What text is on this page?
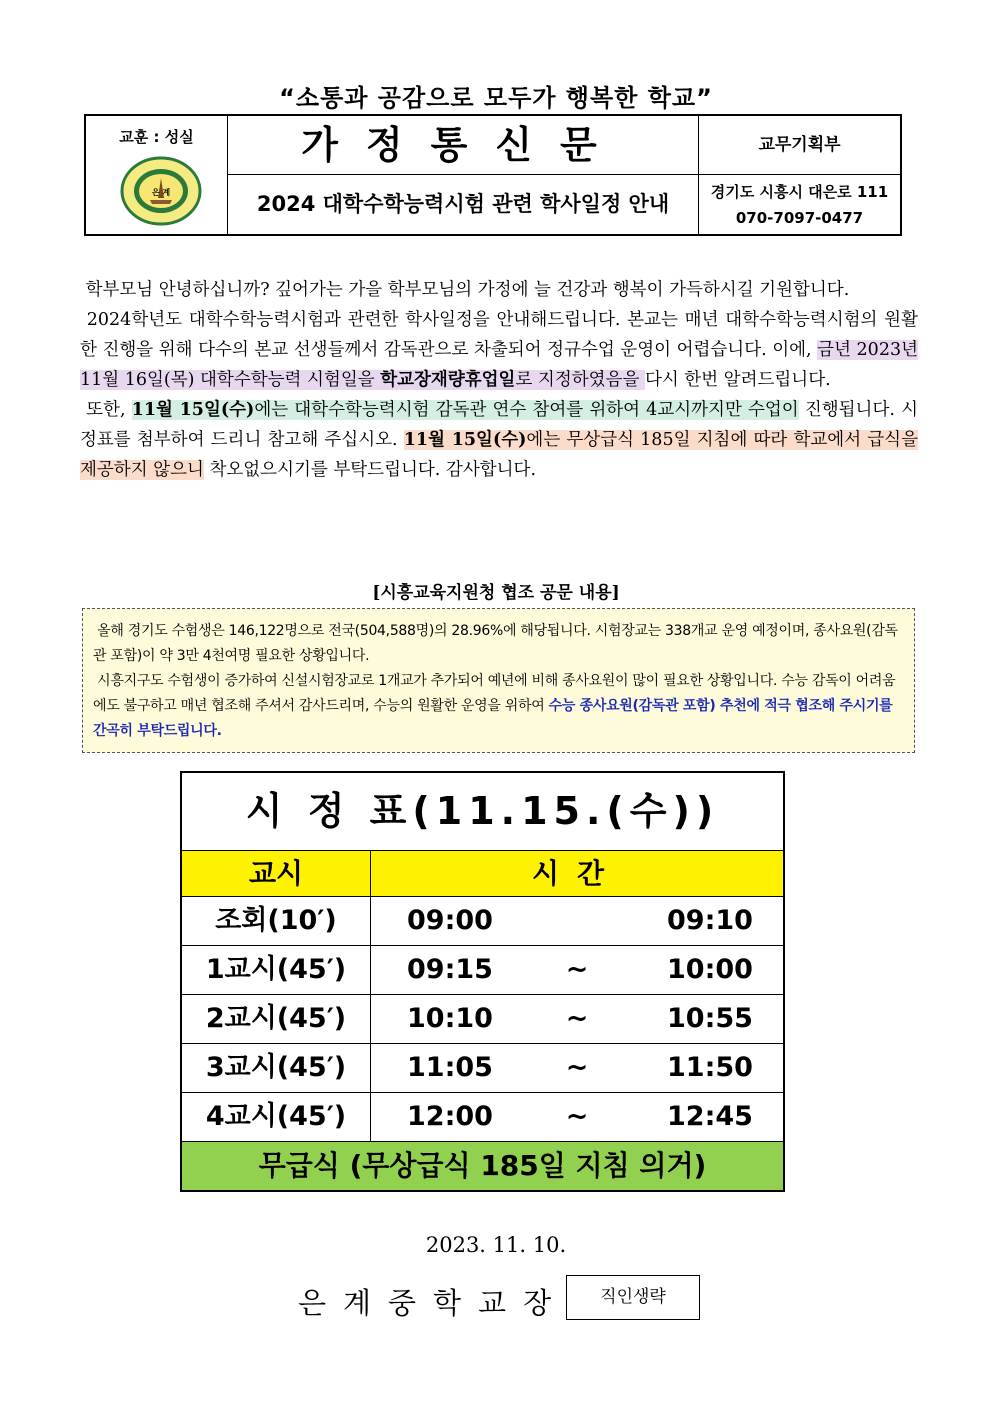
“소통과 공감으로 모두가 행복한 학교”
교훈 : 성실
은 계
가정통신문
2024 대학수학능력시험 관련 학사일정 안내
교무기획부
경기도 시흥시 대은로 111
070-7097-0477

학부모님 안녕하십니까? 깊어가는 가을 학부모님의 가정에 늘 건강과 행복이 가득하시길 기원합니다.

2024학년도 대학수학능력시험과 관련한 학사일정을 안내해드립니다. 본교는 매년 대학수학능력시험의 원활한 진행을 위해 다수의 본교 선생들께서 감독관으로 차출되어 정규수업 운영이 어렵습니다. 이에, 금년 2023년 11월 16일(목) 대학수학능력 시험일을 학교장재량휴업일로 지정하였음을 다시 한번 알려드립니다.

또한, 11월 15일(수)에는 대학수학능력시험 감독관 연수 참여를 위하여 4교시까지만 수업이 진행됩니다. 시정표를 첨부하여 드리니 참고해 주십시오. 11월 15일(수)에는 무상급식 185일 지침에 따라 학교에서 급식을 제공하지 않으니 착오없으시기를 부탁드립니다. 감사합니다.

[시흥교육지원청 협조 공문 내용]

올해 경기도 수험생은 146,122명으로 전국(504,588명)의 28.96%에 해당됩니다. 시험장교는 338개교 운영 예정이며, 종사요원(감독관 포함)이 약 3만 4천여명 필요한 상황입니다.

시흥지구도 수험생이 증가하여 신설시험장교로 1개교가 추가되어 예년에 비해 종사요원이 많이 필요한 상황입니다. 수능 감독이 어려움에도 불구하고 매년 협조해 주셔서 감사드리며, 수능의 원활한 운영을 위하여 수능 종사요원(감독관 포함) 추천에 적극 협조해 주시기를 간곡히 부탁드립니다.

시 정 표(11.15.(수))
교시	시간
조회(10′)	09:00	09:10
1교시(45′)	09:15	~	10:00
2교시(45′)	10:10	~	10:55
3교시(45′)	11:05	~	11:50
4교시(45′)	12:00	~	12:45
무급식 (무상급식 185일 지침 의거)
2023. 11. 10.
은계중학교장	직인생략
